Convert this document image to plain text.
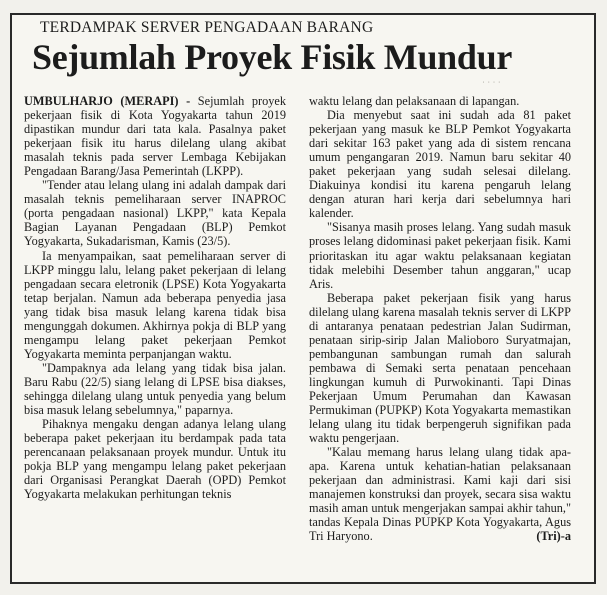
· · · ·
TERDAMPAK SERVER PENGADAAN BARANG
Sejumlah Proyek Fisik Mundur

UMBULHARJO (MERAPI) - Sejumlah proyek pekerjaan fisik di Kota Yogyakarta tahun 2019 dipastikan mundur dari tata kala. Pasalnya paket pekerjaan fisik itu harus dilelang ulang akibat masalah teknis pada server Lembaga Kebijakan Pengadaan Barang/Jasa Pemerintah (LKPP).

"Tender atau lelang ulang ini adalah dampak dari masalah teknis pemeliharaan server INAPROC (porta pengadaan nasional) LKPP," kata Kepala Bagian Layanan Pengadaan (BLP) Pemkot Yogyakarta, Sukadarisman, Kamis (23/5).

Ia menyampaikan, saat pemeliharaan server di LKPP minggu lalu, lelang paket pekerjaan di lelang pengadaan secara eletronik (LPSE) Kota Yogyakarta tetap berjalan. Namun ada beberapa penyedia jasa yang tidak bisa masuk lelang karena tidak bisa mengunggah dokumen. Akhirnya pokja di BLP yang mengampu lelang paket pekerjaan Pemkot Yogyakarta meminta perpanjangan waktu.

"Dampaknya ada lelang yang tidak bisa jalan. Baru Rabu (22/5) siang lelang di LPSE bisa diakses, sehingga dilelang ulang untuk penyedia yang belum bisa masuk lelang sebelumnya," paparnya.

Pihaknya mengaku dengan adanya lelang ulang beberapa paket pekerjaan itu berdampak pada tata perencanaan pelaksanaan proyek mundur. Untuk itu pokja BLP yang mengampu lelang paket pekerjaan dari Organisasi Perangkat Daerah (OPD) Pemkot Yogyakarta melakukan perhitungan teknis

waktu lelang dan pelaksanaan di lapangan.

Dia menyebut saat ini sudah ada 81 paket pekerjaan yang masuk ke BLP Pemkot Yogyakarta dari sekitar 163 paket yang ada di sistem rencana umum pengangaran 2019. Namun baru sekitar 40 paket pekerjaan yang sudah selesai dilelang. Diakuinya kondisi itu karena pengaruh lelang dengan aturan hari kerja dari sebelumnya hari kalender.

"Sisanya masih proses lelang. Yang sudah masuk proses lelang didominasi paket pekerjaan fisik. Kami prioritaskan itu agar waktu pelaksanaan kegiatan tidak melebihi Desember tahun anggaran," ucap Aris.

Beberapa paket pekerjaan fisik yang harus dilelang ulang karena masalah teknis server di LKPP di antaranya penataan pedestrian Jalan Sudirman, penataan sirip-sirip Jalan Malioboro Suryatmajan, pembangunan sambungan rumah dan salurah pembawa di Semaki serta penataan pencehaan lingkungan kumuh di Purwokinanti. Tapi Dinas Pekerjaan Umum Perumahan dan Kawasan Permukiman (PUPKP) Kota Yogyakarta memastikan lelang ulang itu tidak berpengeruh signifikan pada waktu pengerjaan.

"Kalau memang harus lelang ulang tidak apa-apa. Karena untuk kehatian-hatian pelaksanaan pekerjaan dan administrasi. Kami kaji dari sisi manajemen konstruksi dan proyek, secara sisa waktu masih aman untuk mengerjakan sampai akhir tahun," tandas Kepala Dinas PUPKP Kota Yogyakarta, Agus Tri Haryono.	(Tri)-a
